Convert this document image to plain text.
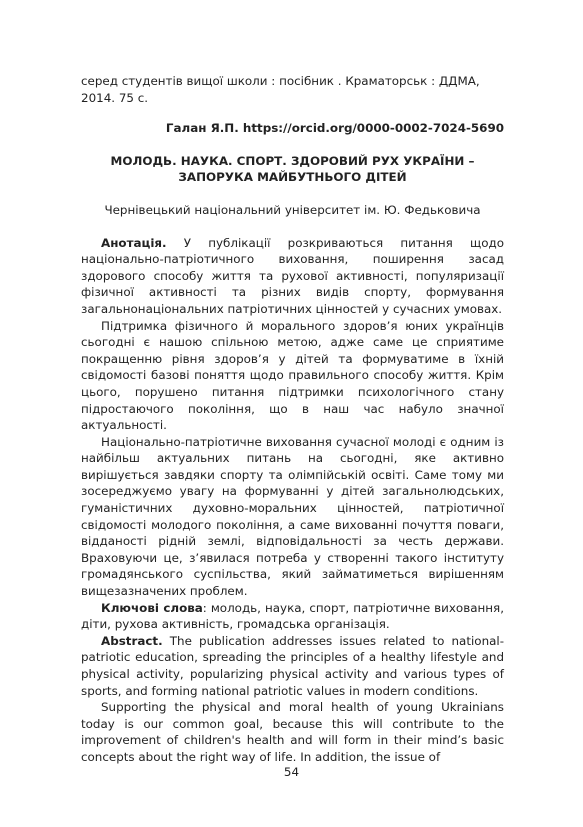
серед студентів вищої школи : посібник . Краматорськ : ДДМА, 2014. 75 с.

Галан Я.П. https://orcid.org/0000-0002-7024-5690

МОЛОДЬ. НАУКА. СПОРТ. ЗДОРОВИЙ РУХ УКРАЇНИ – ЗАПОРУКА МАЙБУТНЬОГО ДІТЕЙ

Чернівецький національний університет ім. Ю. Федьковича

Анотація. У публікації розкриваються питання щодо національно-патріотичного виховання, поширення засад здорового способу життя та рухової активності, популяризації фізичної активності та різних видів спорту, формування загальнонаціональних патріотичних цінностей у сучасних умовах.

Підтримка фізичного й морального здоров’я юних українців сьогодні є нашою спільною метою, адже саме це сприятиме покращенню рівня здоров’я у дітей та формуватиме в їхній свідомості базові поняття щодо правильного способу життя. Крім цього, порушено питання підтримки психологічного стану підростаючого покоління, що в наш час набуло значної актуальності.

Національно-патріотичне виховання сучасної молоді є одним із найбільш актуальних питань на сьогодні, яке активно вирішується завдяки спорту та олімпійській освіті. Саме тому ми зосереджуємо увагу на формуванні у дітей загальнолюдських, гуманістичних духовно-моральних цінностей, патріотичної свідомості молодого покоління, а саме вихованні почуття поваги, відданості рідній землі, відповідальності за честь держави. Враховуючи це, з’явилася потреба у створенні такого інституту громадянського суспільства, який займатиметься вирішенням вищезазначених проблем.

Ключові слова: молодь, наука, спорт, патріотичне виховання, діти, рухова активність, громадська організація.

Abstract. The publication addresses issues related to national-patriotic education, spreading the principles of a healthy lifestyle and physical activity, popularizing physical activity and various types of sports, and forming national patriotic values in modern conditions.

Supporting the physical and moral health of young Ukrainians today is our common goal, because this will contribute to the improvement of children's health and will form in their mind’s basic concepts about the right way of life. In addition, the issue of

54
